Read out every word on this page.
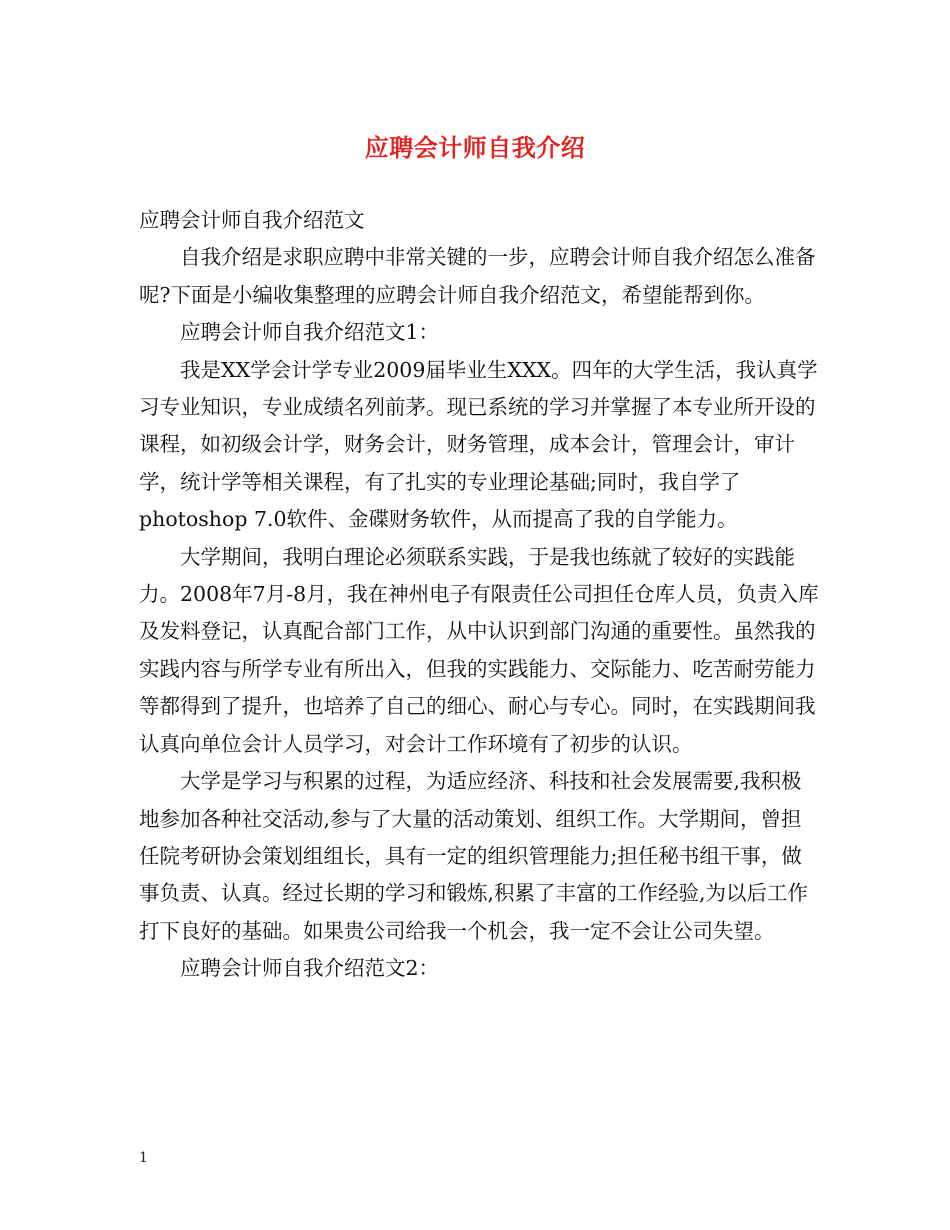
应聘会计师自我介绍

应聘会计师自我介绍范文

自我介绍是求职应聘中非常关键的一步，应聘会计师自我介绍怎么准备呢?下面是小编收集整理的应聘会计师自我介绍范文，希望能帮到你。

应聘会计师自我介绍范文1：

我是XX学会计学专业2009届毕业生XXX。四年的大学生活，我认真学习专业知识，专业成绩名列前茅。现已系统的学习并掌握了本专业所开设的课程，如初级会计学，财务会计，财务管理，成本会计，管理会计，审计学，统计学等相关课程，有了扎实的专业理论基础;同时，我自学了photoshop 7.0软件、金碟财务软件，从而提高了我的自学能力。

大学期间，我明白理论必须联系实践，于是我也练就了较好的实践能力。2008年7月-8月，我在神州电子有限责任公司担任仓库人员，负责入库及发料登记，认真配合部门工作，从中认识到部门沟通的重要性。虽然我的实践内容与所学专业有所出入，但我的实践能力、交际能力、吃苦耐劳能力等都得到了提升，也培养了自己的细心、耐心与专心。同时，在实践期间我认真向单位会计人员学习，对会计工作环境有了初步的认识。

大学是学习与积累的过程，为适应经济、科技和社会发展需要,我积极地参加各种社交活动,参与了大量的活动策划、组织工作。大学期间，曾担任院考研协会策划组组长，具有一定的组织管理能力;担任秘书组干事，做事负责、认真。经过长期的学习和锻炼,积累了丰富的工作经验,为以后工作打下良好的基础。如果贵公司给我一个机会，我一定不会让公司失望。

应聘会计师自我介绍范文2：

1
